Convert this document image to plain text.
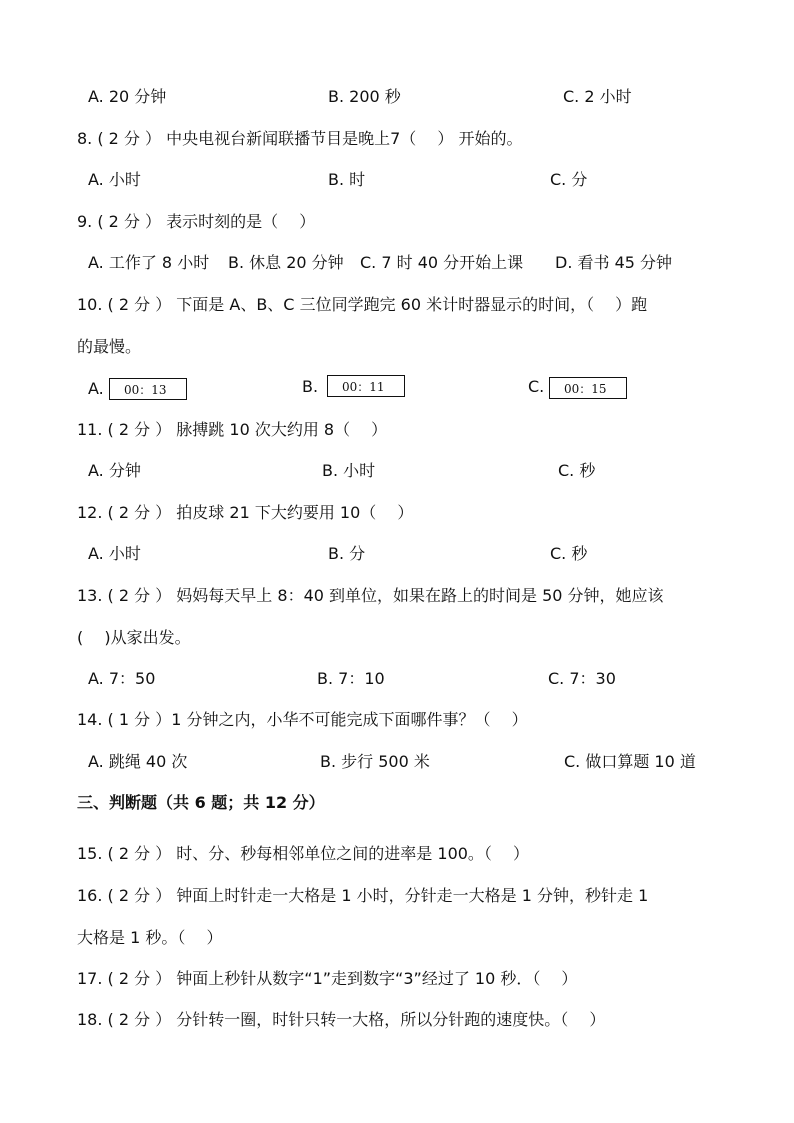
A. 20 分钟	B. 200 秒	C. 2 小时
8. ( 2 分 ） 中央电视台新闻联播节目是晚上7（　 ） 开始的。
A. 小时	B. 时	C. 分
9. ( 2 分 ） 表示时刻的是（　 ）
A. 工作了 8 小时 B. 休息 20 分钟 C. 7 时 40 分开始上课 D. 看书 45 分钟
10. ( 2 分 ） 下面是 A、B、C 三位同学跑完 60 米计时器显示的时间，（　 ）跑
的最慢。
A.	00：13	B.	00：11	C.	00：15
11. ( 2 分 ） 脉搏跳 10 次大约用 8（　 ）
A. 分钟	B. 小时	C. 秒
12. ( 2 分 ） 拍皮球 21 下大约要用 10（　 ）
A. 小时	B. 分	C. 秒
13. ( 2 分 ） 妈妈每天早上 8：40 到单位，如果在路上的时间是 50 分钟，她应该
(　 )从家出发。
A. 7：50	B. 7：10	C. 7：30
14. ( 1 分 ）1 分钟之内，小华不可能完成下面哪件事？（　 ）
A. 跳绳 40 次	B. 步行 500 米	C. 做口算题 10 道
三、判断题（共 6 题；共 12 分）
15. ( 2 分 ） 时、分、秒每相邻单位之间的进率是 100。（　 ）
16. ( 2 分 ） 钟面上时针走一大格是 1 小时，分针走一大格是 1 分钟，秒针走 1
大格是 1 秒。（　 ）
17. ( 2 分 ） 钟面上秒针从数字“1”走到数字“3”经过了 10 秒．（　 ）
18. ( 2 分 ） 分针转一圈，时针只转一大格，所以分针跑的速度快。（　 ）
